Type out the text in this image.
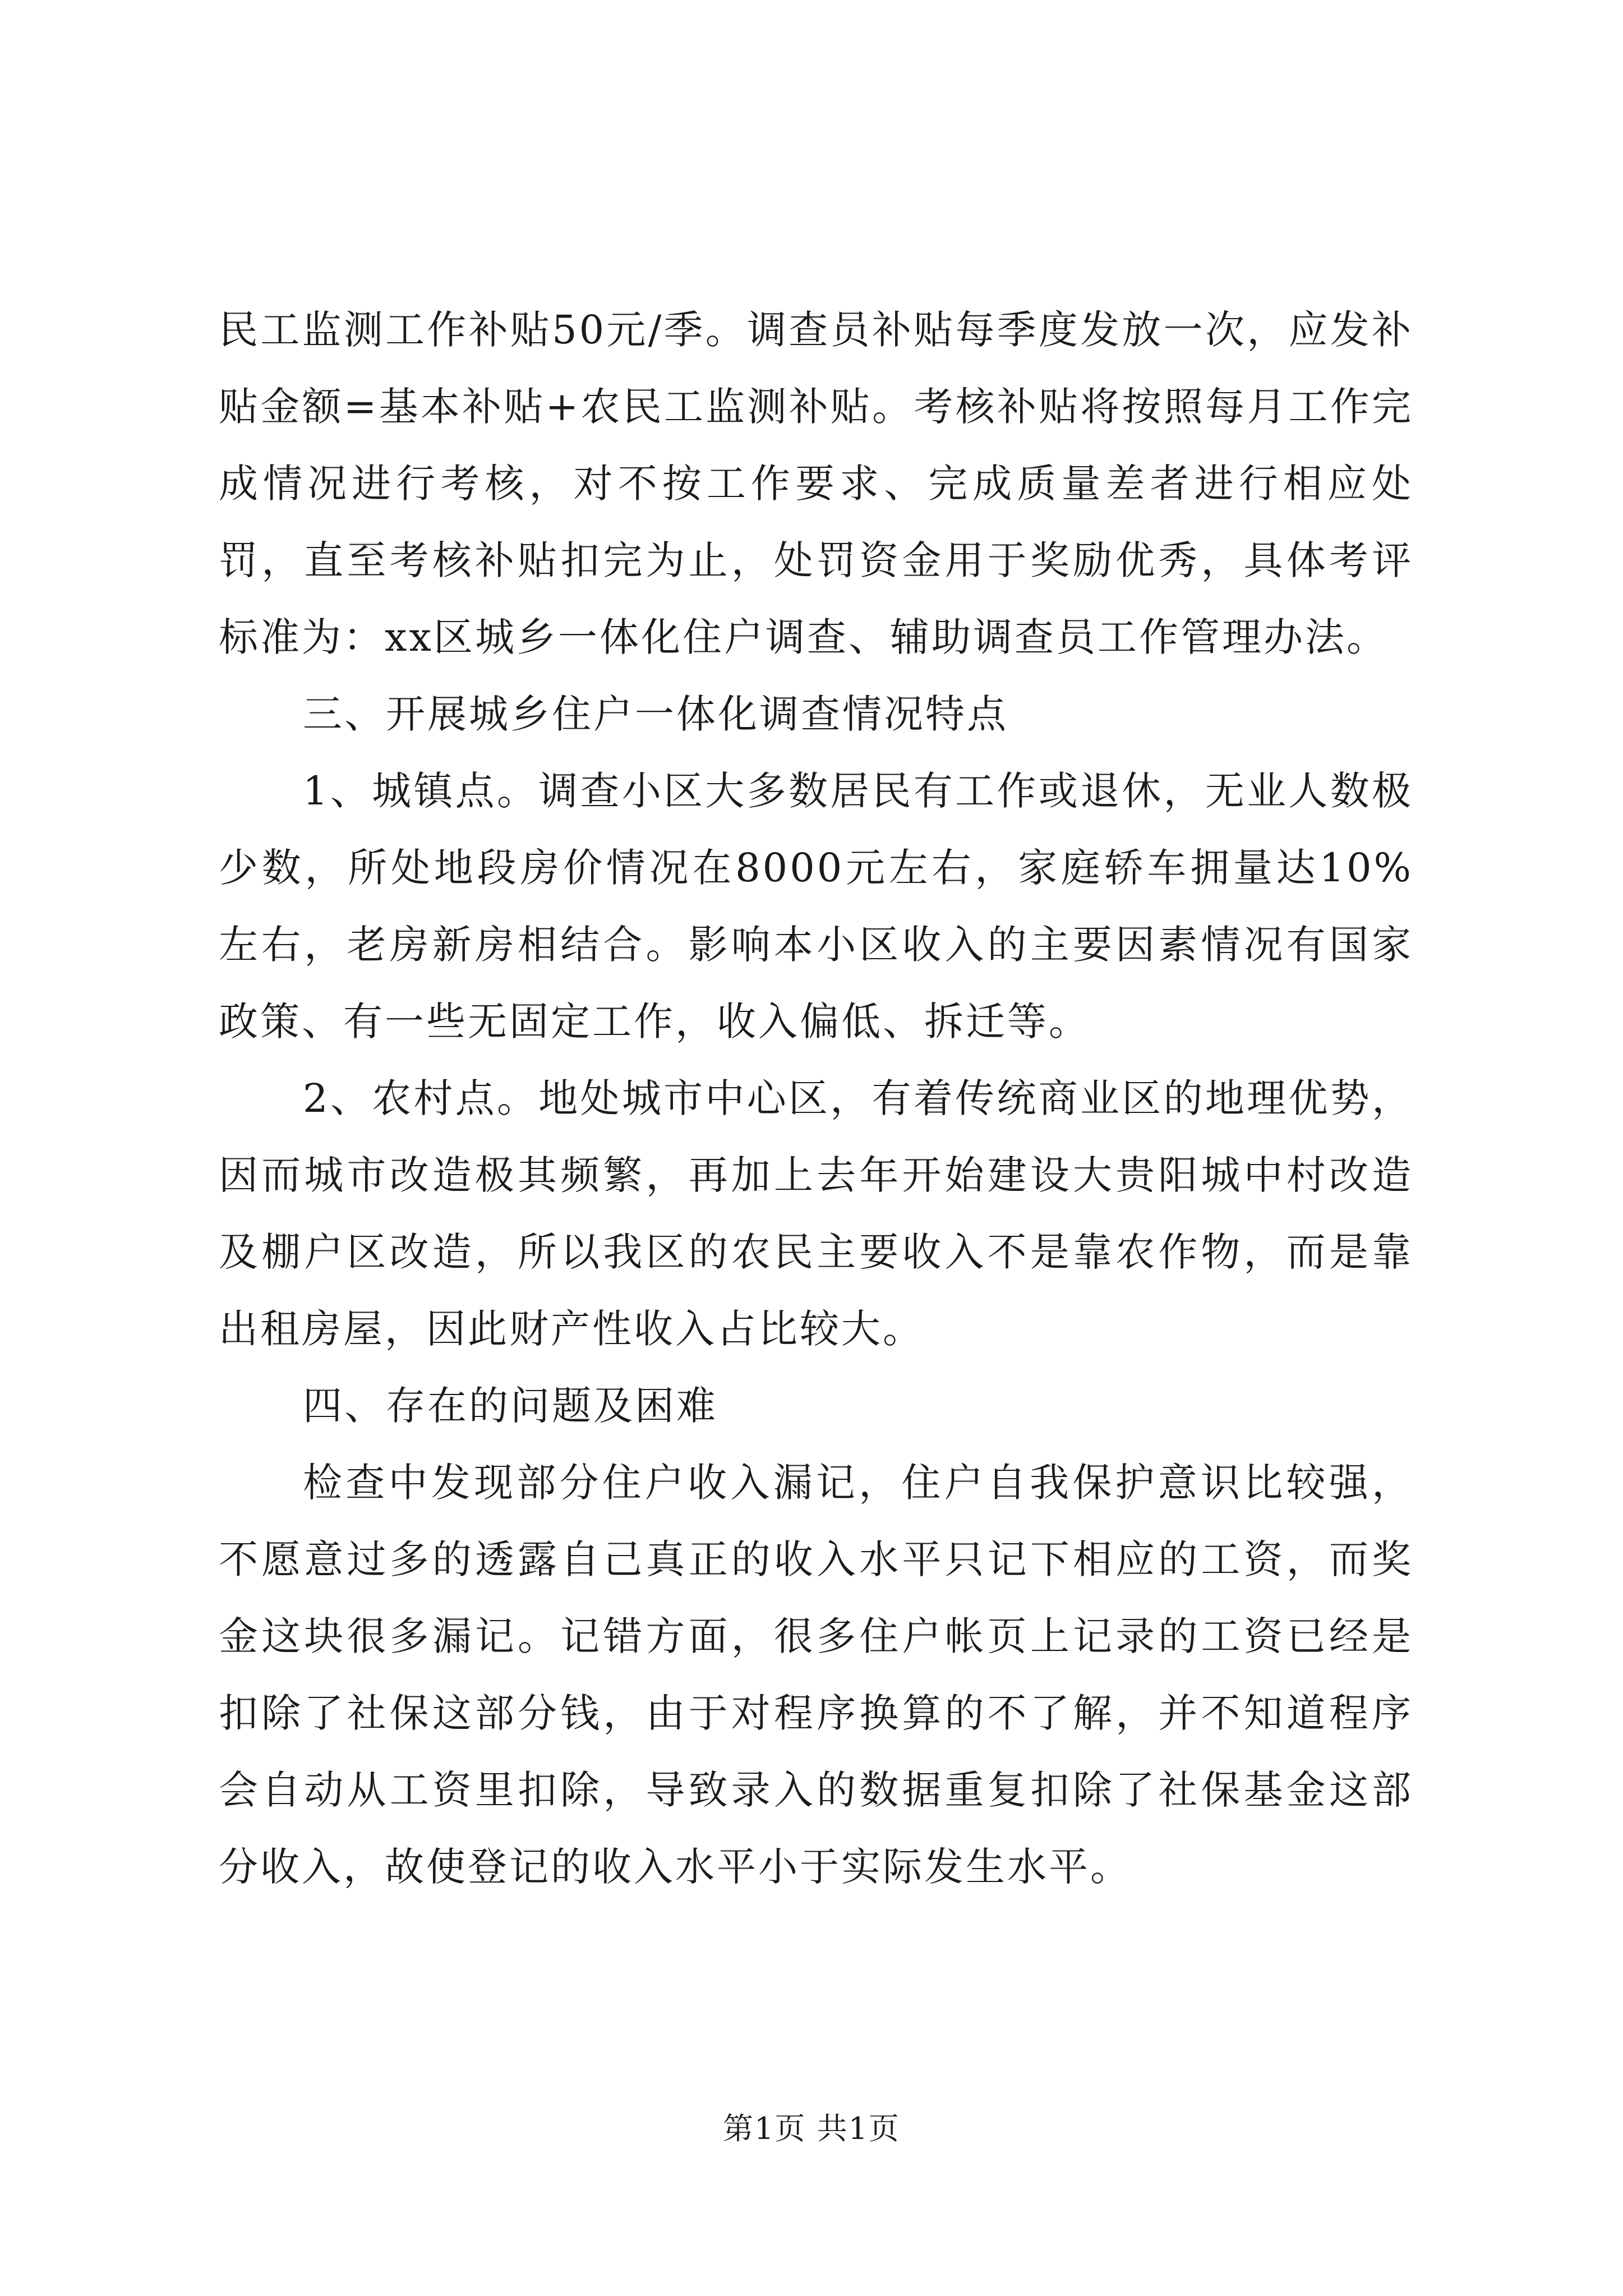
民工监测工作补贴50元/季。调查员补贴每季度发放一次，应发补贴金额=基本补贴+农民工监测补贴。考核补贴将按照每月工作完成情况进行考核，对不按工作要求、完成质量差者进行相应处罚，直至考核补贴扣完为止，处罚资金用于奖励优秀，具体考评标准为：xx区城乡一体化住户调查、辅助调查员工作管理办法。

三、开展城乡住户一体化调查情况特点

1、城镇点。调查小区大多数居民有工作或退休，无业人数极少数，所处地段房价情况在8000元左右，家庭轿车拥量达10%左右，老房新房相结合。影响本小区收入的主要因素情况有国家政策、有一些无固定工作，收入偏低、拆迁等。

2、农村点。地处城市中心区，有着传统商业区的地理优势，因而城市改造极其频繁，再加上去年开始建设大贵阳城中村改造及棚户区改造，所以我区的农民主要收入不是靠农作物，而是靠出租房屋，因此财产性收入占比较大。

四、存在的问题及困难

检查中发现部分住户收入漏记，住户自我保护意识比较强，不愿意过多的透露自己真正的收入水平只记下相应的工资，而奖金这块很多漏记。记错方面，很多住户帐页上记录的工资已经是扣除了社保这部分钱，由于对程序换算的不了解，并不知道程序会自动从工资里扣除，导致录入的数据重复扣除了社保基金这部分收入，故使登记的收入水平小于实际发生水平。

第1页 共1页
